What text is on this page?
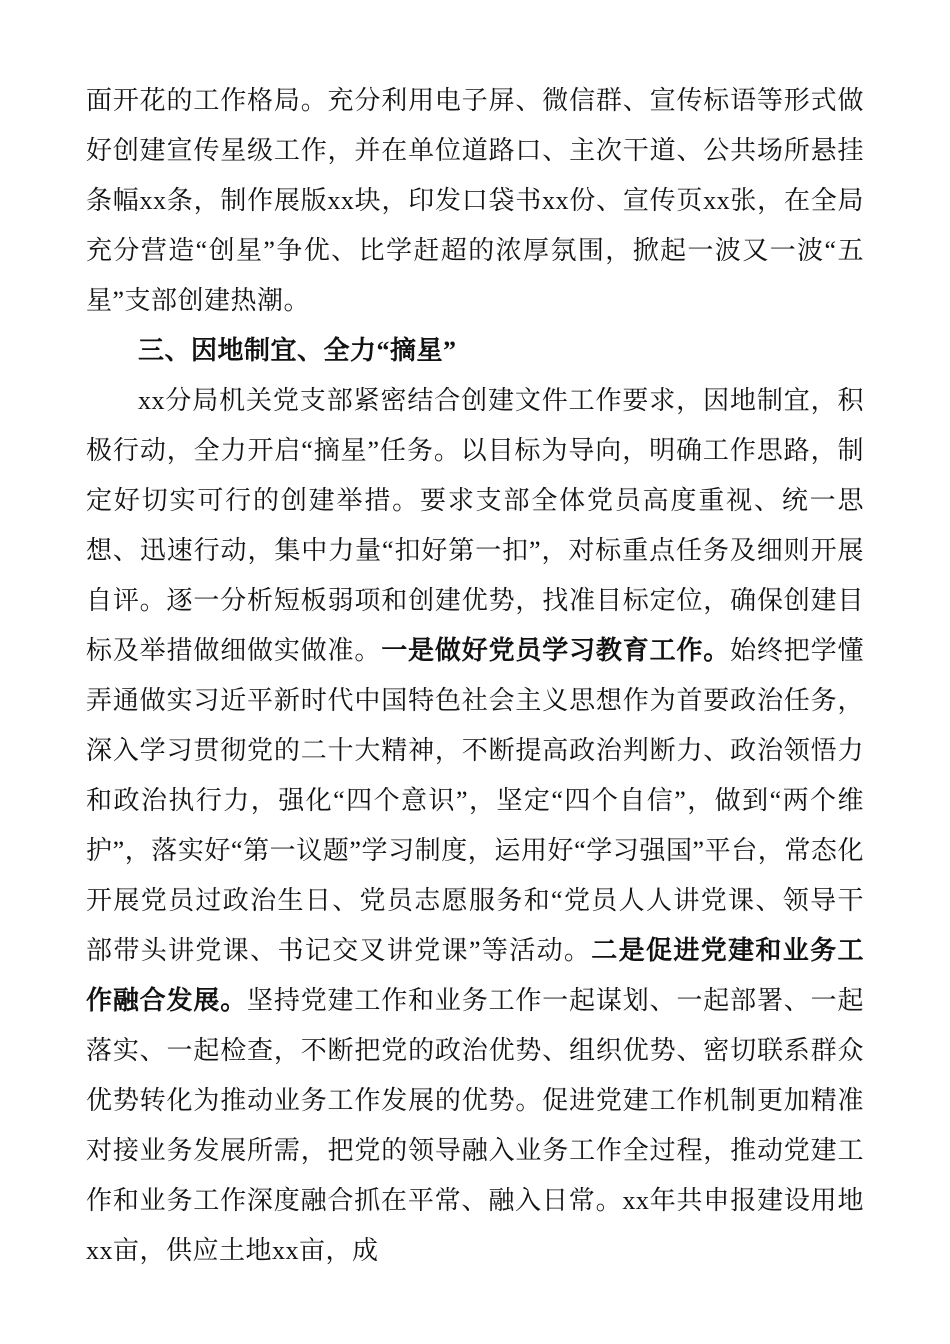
面开花的工作格局。充分利用电子屏、微信群、宣传标语等形式做好创建宣传星级工作，并在单位道路口、主次干道、公共场所悬挂条幅xx条，制作展版xx块，印发口袋书xx份、宣传页xx张，在全局充分营造“创星”争优、比学赶超的浓厚氛围，掀起一波又一波“五星”支部创建热潮。

三、因地制宜、全力“摘星”

xx分局机关党支部紧密结合创建文件工作要求，因地制宜，积极行动，全力开启“摘星”任务。以目标为导向，明确工作思路，制定好切实可行的创建举措。要求支部全体党员高度重视、统一思想、迅速行动，集中力量“扣好第一扣”，对标重点任务及细则开展自评。逐一分析短板弱项和创建优势，找准目标定位，确保创建目标及举措做细做实做准。一是做好党员学习教育工作。始终把学懂弄通做实习近平新时代中国特色社会主义思想作为首要政治任务，深入学习贯彻党的二十大精神，不断提高政治判断力、政治领悟力和政治执行力，强化“四个意识”，坚定“四个自信”，做到“两个维护”，落实好“第一议题”学习制度，运用好“学习强国”平台，常态化开展党员过政治生日、党员志愿服务和“党员人人讲党课、领导干部带头讲党课、书记交叉讲党课”等活动。二是促进党建和业务工作融合发展。坚持党建工作和业务工作一起谋划、一起部署、一起落实、一起检查，不断把党的政治优势、组织优势、密切联系群众优势转化为推动业务工作发展的优势。促进党建工作机制更加精准对接业务发展所需，把党的领导融入业务工作全过程，推动党建工作和业务工作深度融合抓在平常、融入日常。xx年共申报建设用地xx亩，供应土地xx亩，成
